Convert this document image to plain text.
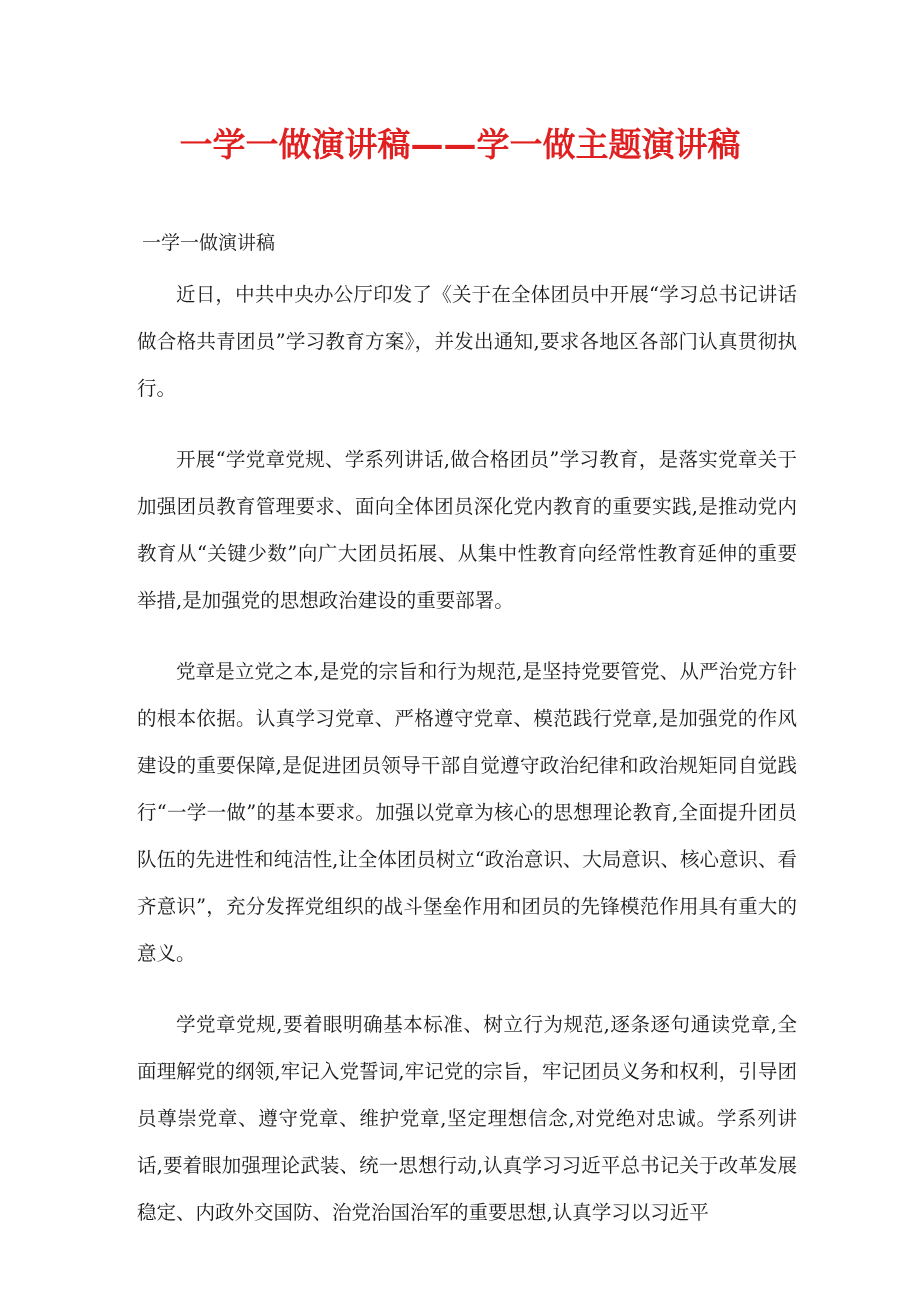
一学一做演讲稿——学一做主题演讲稿

一学一做演讲稿

近日，中共中央办公厅印发了《关于在全体团员中开展“学习总书记讲话做合格共青团员”学习教育方案》，并发出通知,要求各地区各部门认真贯彻执行。

开展“学党章党规、学系列讲话,做合格团员”学习教育，是落实党章关于加强团员教育管理要求、面向全体团员深化党内教育的重要实践,是推动党内教育从“关键少数”向广大团员拓展、从集中性教育向经常性教育延伸的重要举措,是加强党的思想政治建设的重要部署。

党章是立党之本,是党的宗旨和行为规范,是坚持党要管党、从严治党方针的根本依据。认真学习党章、严格遵守党章、模范践行党章,是加强党的作风建设的重要保障,是促进团员领导干部自觉遵守政治纪律和政治规矩同自觉践行“一学一做”的基本要求。加强以党章为核心的思想理论教育,全面提升团员队伍的先进性和纯洁性,让全体团员树立“政治意识、大局意识、核心意识、看齐意识”，充分发挥党组织的战斗堡垒作用和团员的先锋模范作用具有重大的意义。

学党章党规,要着眼明确基本标准、树立行为规范,逐条逐句通读党章,全面理解党的纲领,牢记入党誓词,牢记党的宗旨，牢记团员义务和权利，引导团员尊崇党章、遵守党章、维护党章,坚定理想信念,对党绝对忠诚。学系列讲话,要着眼加强理论武装、统一思想行动,认真学习习近平总书记关于改革发展稳定、内政外交国防、治党治国治军的重要思想,认真学习以习近平
